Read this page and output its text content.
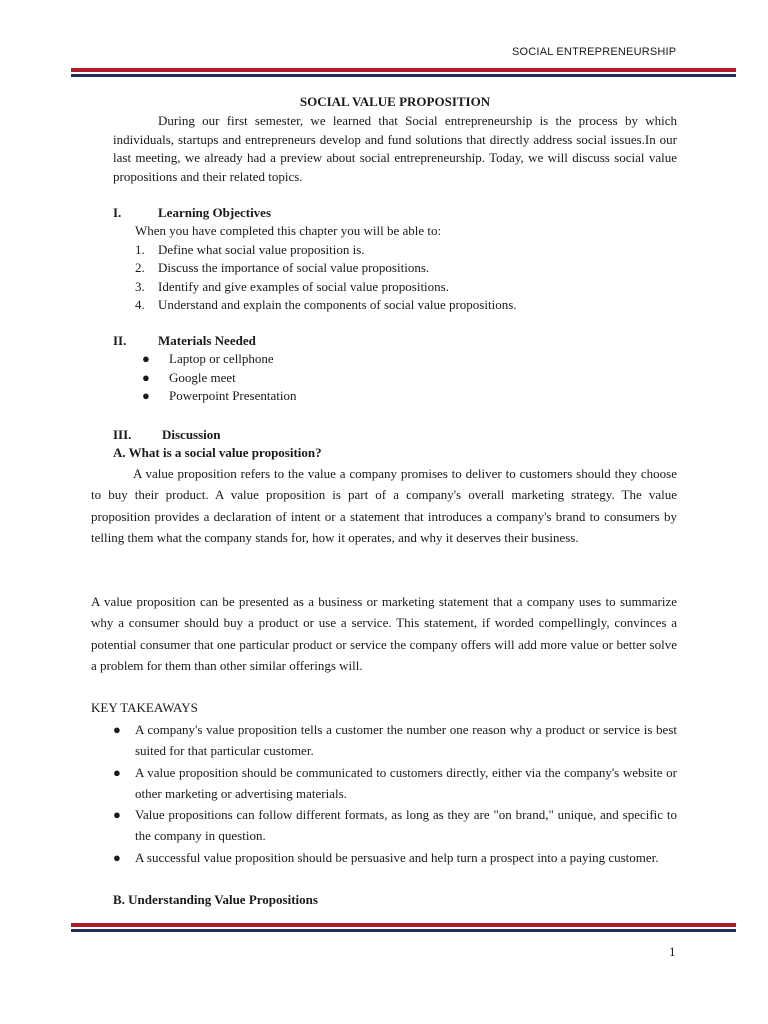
SOCIAL ENTREPRENEURSHIP
SOCIAL VALUE PROPOSITION
During our first semester, we learned that Social entrepreneurship is the process by which individuals, startups and entrepreneurs develop and fund solutions that directly address social issues.In our last meeting, we already had a preview about social entrepreneurship. Today, we will discuss social value propositions and their related topics.
I.	Learning Objectives
When you have completed this chapter you will be able to:
1.	Define what social value proposition is.
2.	Discuss the importance of social value propositions.
3.	Identify and give examples of social value propositions.
4.	Understand and explain the components of social value propositions.
II. Materials Needed
●	Laptop or cellphone
●	Google meet
●	Powerpoint Presentation
III. Discussion
A. What is a social value proposition?
A value proposition refers to the value a company promises to deliver to customers should they choose to buy their product. A value proposition is part of a company's overall marketing strategy. The value proposition provides a declaration of intent or a statement that introduces a company's brand to consumers by telling them what the company stands for, how it operates, and why it deserves their business.
A value proposition can be presented as a business or marketing statement that a company uses to summarize why a consumer should buy a product or use a service. This statement, if worded compellingly, convinces a potential consumer that one particular product or service the company offers will add more value or better solve a problem for them than other similar offerings will.
KEY TAKEAWAYS
●	A company's value proposition tells a customer the number one reason why a product or service is best suited for that particular customer.
●	A value proposition should be communicated to customers directly, either via the company's website or other marketing or advertising materials.
●	Value propositions can follow different formats, as long as they are "on brand," unique, and specific to the company in question.
●	A successful value proposition should be persuasive and help turn a prospect into a paying customer.
B. Understanding Value Propositions
1
